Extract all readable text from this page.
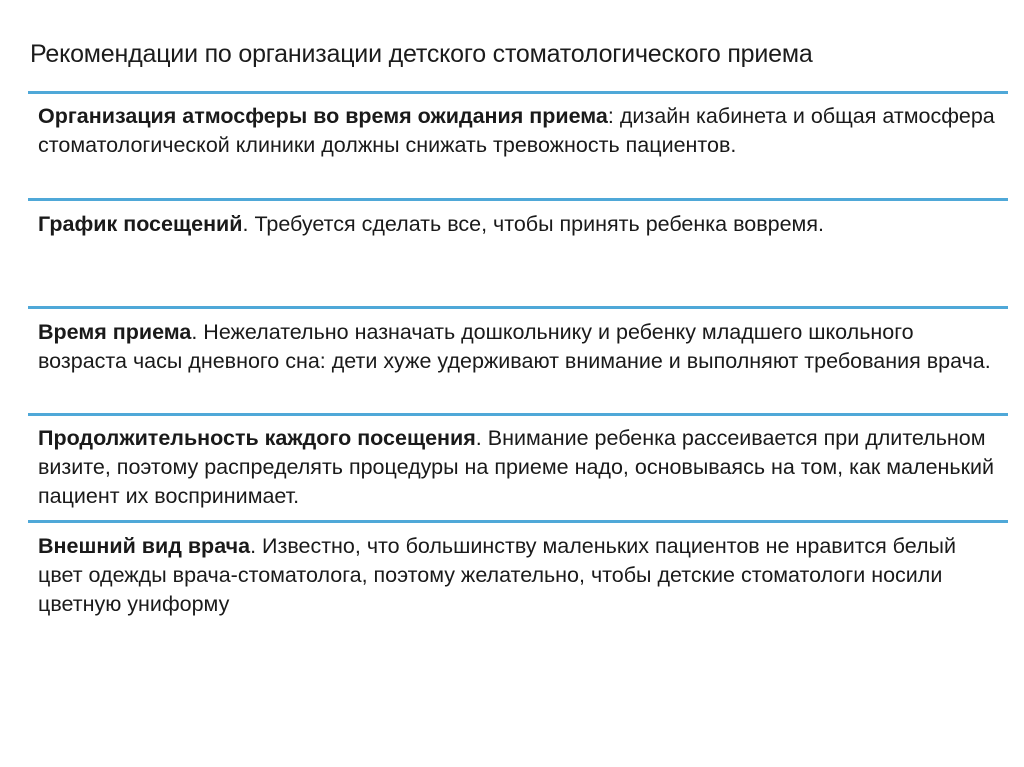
Рекомендации по организации детского стоматологического приема
Организация атмосферы во время ожидания приема: дизайн кабинета и общая атмосфера стоматологической клиники должны снижать тревожность пациентов.
График посещений. Требуется сделать все, чтобы принять ребенка вовремя.
Время приема. Нежелательно назначать дошкольнику и ребенку младшего школьного возраста часы дневного сна: дети хуже удерживают внимание и выполняют требования врача.
Продолжительность каждого посещения. Внимание ребенка рассеивается при длительном визите, поэтому распределять процедуры на приеме надо, основываясь на том, как маленький пациент их воспринимает.
Внешний вид врача. Известно, что большинству маленьких пациентов не нравится белый цвет одежды врача-стоматолога, поэтому желательно, чтобы детские стоматологи носили цветную униформу
